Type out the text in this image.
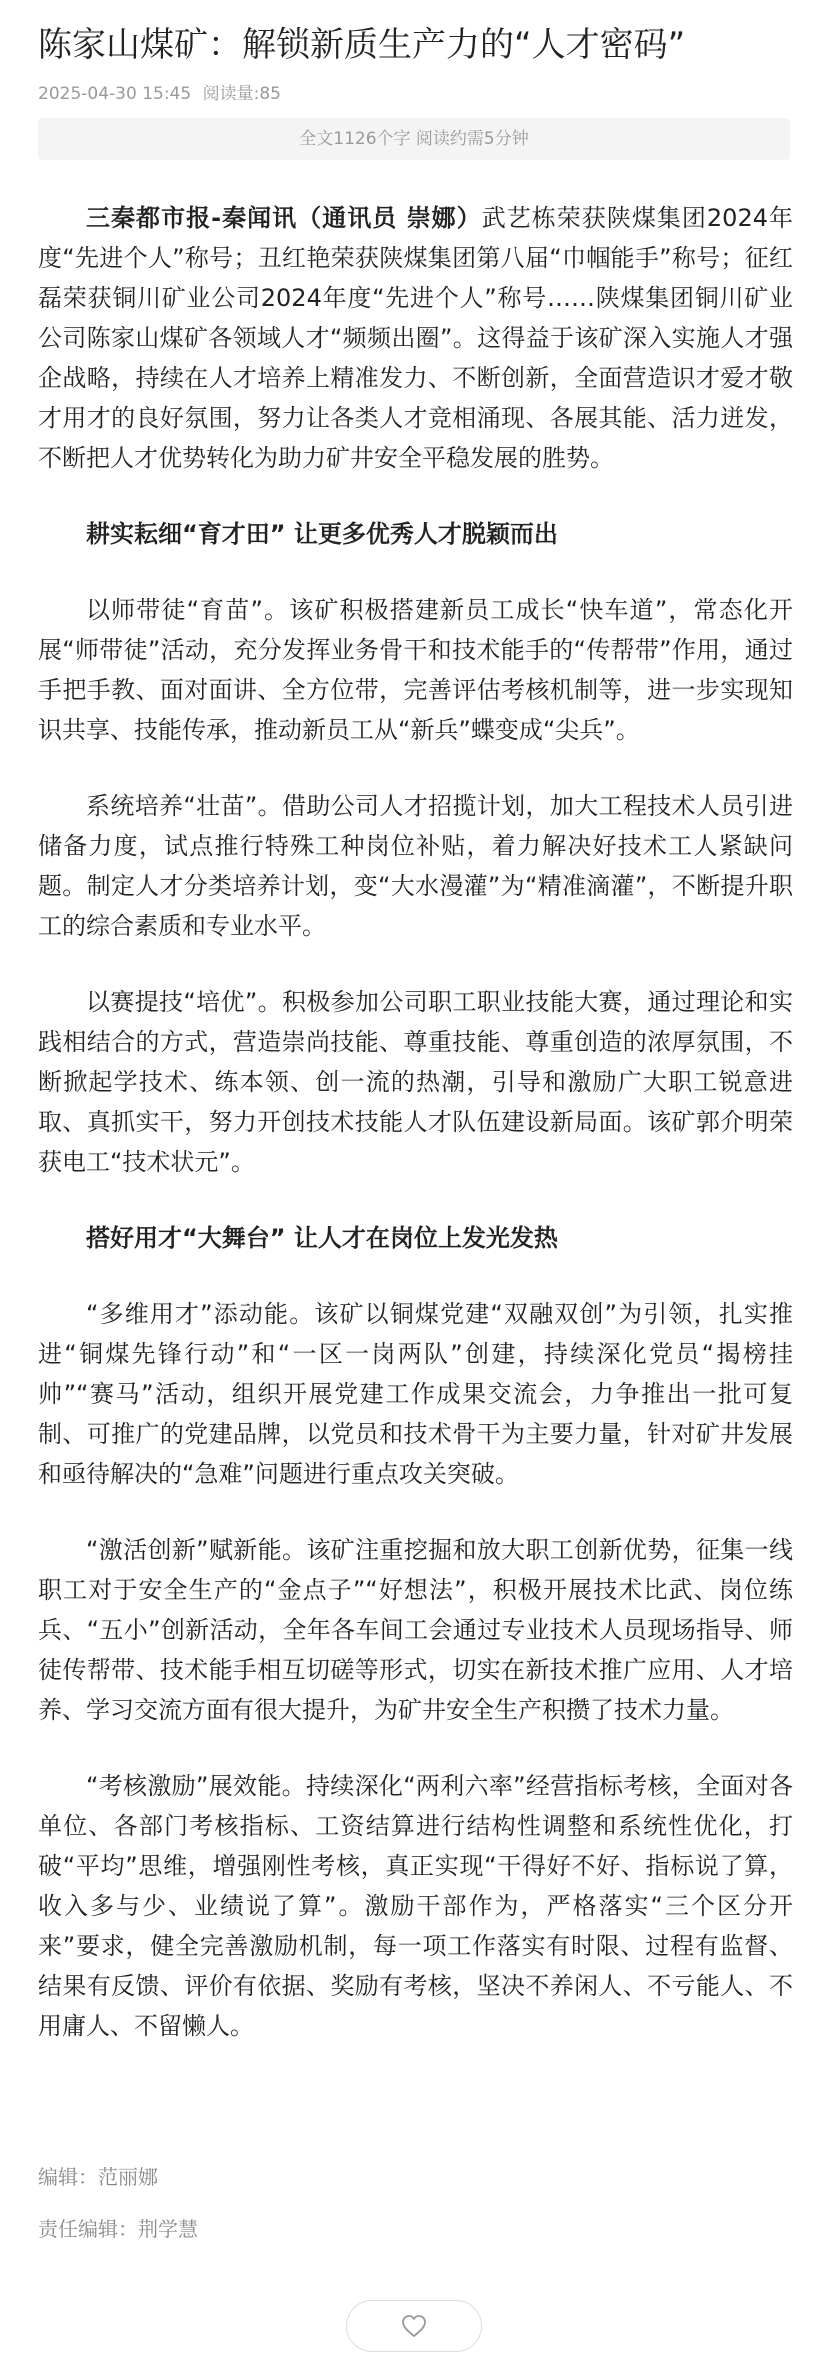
陈家山煤矿：解锁新质生产力的“人才密码”
2025-04-30 15:45 阅读量:85
全文1126个字 阅读约需5分钟

三秦都市报-秦闻讯（通讯员 崇娜）武艺栋荣获陕煤集团2024年度“先进个人”称号；丑红艳荣获陕煤集团第八届“巾帼能手”称号；征红磊荣获铜川矿业公司2024年度“先进个人”称号……陕煤集团铜川矿业公司陈家山煤矿各领域人才“频频出圈”。这得益于该矿深入实施人才强企战略，持续在人才培养上精准发力、不断创新，全面营造识才爱才敬才用才的良好氛围，努力让各类人才竞相涌现、各展其能、活力迸发，不断把人才优势转化为助力矿井安全平稳发展的胜势。

耕实耘细“育才田” 让更多优秀人才脱颖而出

以师带徒“育苗”。该矿积极搭建新员工成长“快车道”，常态化开展“师带徒”活动，充分发挥业务骨干和技术能手的“传帮带”作用，通过手把手教、面对面讲、全方位带，完善评估考核机制等，进一步实现知识共享、技能传承，推动新员工从“新兵”蝶变成“尖兵”。

系统培养“壮苗”。借助公司人才招揽计划，加大工程技术人员引进储备力度，试点推行特殊工种岗位补贴，着力解决好技术工人紧缺问题。制定人才分类培养计划，变“大水漫灌”为“精准滴灌”，不断提升职工的综合素质和专业水平。

以赛提技“培优”。积极参加公司职工职业技能大赛，通过理论和实践相结合的方式，营造崇尚技能、尊重技能、尊重创造的浓厚氛围，不断掀起学技术、练本领、创一流的热潮，引导和激励广大职工锐意进取、真抓实干，努力开创技术技能人才队伍建设新局面。该矿郭介明荣获电工“技术状元”。

搭好用才“大舞台” 让人才在岗位上发光发热

“多维用才”添动能。该矿以铜煤党建“双融双创”为引领，扎实推进“铜煤先锋行动”和“一区一岗两队”创建，持续深化党员“揭榜挂帅”“赛马”活动，组织开展党建工作成果交流会，力争推出一批可复制、可推广的党建品牌，以党员和技术骨干为主要力量，针对矿井发展和亟待解决的“急难”问题进行重点攻关突破。

“激活创新”赋新能。该矿注重挖掘和放大职工创新优势，征集一线职工对于安全生产的“金点子”“好想法”，积极开展技术比武、岗位练兵、“五小”创新活动，全年各车间工会通过专业技术人员现场指导、师徒传帮带、技术能手相互切磋等形式，切实在新技术推广应用、人才培养、学习交流方面有很大提升，为矿井安全生产积攒了技术力量。

“考核激励”展效能。持续深化“两利六率”经营指标考核，全面对各单位、各部门考核指标、工资结算进行结构性调整和系统性优化，打破“平均”思维，增强刚性考核，真正实现“干得好不好、指标说了算，收入多与少、业绩说了算”。激励干部作为，严格落实“三个区分开来”要求，健全完善激励机制，每一项工作落实有时限、过程有监督、结果有反馈、评价有依据、奖励有考核，坚决不养闲人、不亏能人、不用庸人、不留懒人。

编辑：范丽娜
责任编辑：荆学慧
